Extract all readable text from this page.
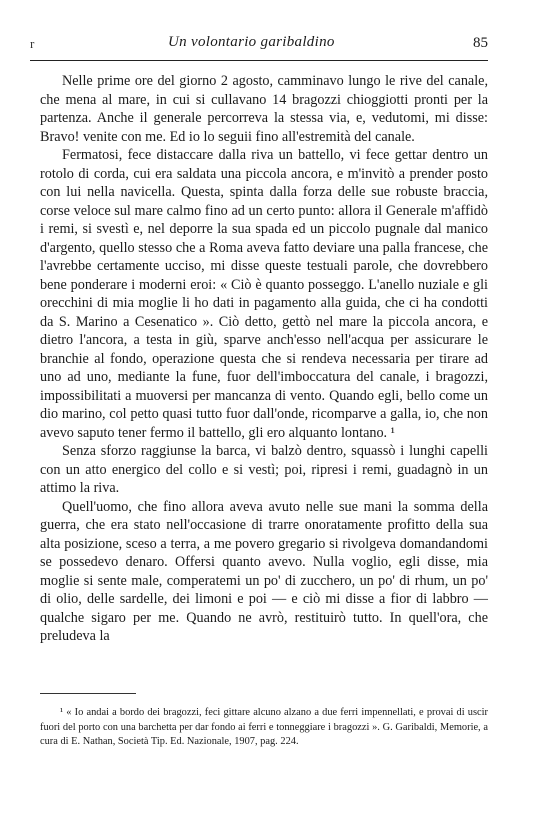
r	Un volontario garibaldino	85

Nelle prime ore del giorno 2 agosto, camminavo lungo le rive del canale, che mena al mare, in cui si cullavano 14 bragozzi chioggiotti pronti per la partenza. Anche il generale percorreva la stessa via, e, vedutomi, mi disse: Bravo! venite con me. Ed io lo seguii fino all'estremità del canale.

Fermatosi, fece distaccare dalla riva un battello, vi fece gettar dentro un rotolo di corda, cui era saldata una piccola ancora, e m'invitò a prender posto con lui nella navicella. Questa, spinta dalla forza delle sue robuste braccia, corse veloce sul mare calmo fino ad un certo punto: allora il Generale m'affidò i remi, si svestì e, nel deporre la sua spada ed un piccolo pugnale dal manico d'argento, quello stesso che a Roma aveva fatto deviare una palla francese, che l'avrebbe certamente ucciso, mi disse queste testuali parole, che dovrebbero bene ponderare i moderni eroi: « Ciò è quanto posseggo. L'anello nuziale e gli orecchini di mia moglie li ho dati in pagamento alla guida, che ci ha condotti da S. Marino a Cesenatico ». Ciò detto, gettò nel mare la piccola ancora, e dietro l'ancora, a testa in giù, sparve anch'esso nell'acqua per assicurare le branchie al fondo, operazione questa che si rendeva necessaria per tirare ad uno ad uno, mediante la fune, fuor dell'imboccatura del canale, i bragozzi, impossibilitati a muoversi per mancanza di vento. Quando egli, bello come un dio marino, col petto quasi tutto fuor dall'onde, ricomparve a galla, io, che non avevo saputo tener fermo il battello, gli ero alquanto lontano. ¹

Senza sforzo raggiunse la barca, vi balzò dentro, squassò i lunghi capelli con un atto energico del collo e si vestì; poi, ripresi i remi, guadagnò in un attimo la riva.

Quell'uomo, che fino allora aveva avuto nelle sue mani la somma della guerra, che era stato nell'occasione di trarre onoratamente profitto della sua alta posizione, sceso a terra, a me povero gregario si rivolgeva domandandomi se possedevo denaro. Offersi quanto avevo. Nulla voglio, egli disse, mia moglie si sente male, comperatemi un po' di zucchero, un po' di rhum, un po' di olio, delle sardelle, dei limoni e poi — e ciò mi disse a fior di labbro — qualche sigaro per me. Quando ne avrò, restituirò tutto. In quell'ora, che preludeva la

¹ « Io andai a bordo dei bragozzi, feci gittare alcuno alzano a due ferri impennellati, e provai di uscir fuori del porto con una barchetta per dar fondo ai ferri e tonneggiare i bragozzi ». G. Garibaldi, Memorie, a cura di E. Nathan, Società Tip. Ed. Nazionale, 1907, pag. 224.
